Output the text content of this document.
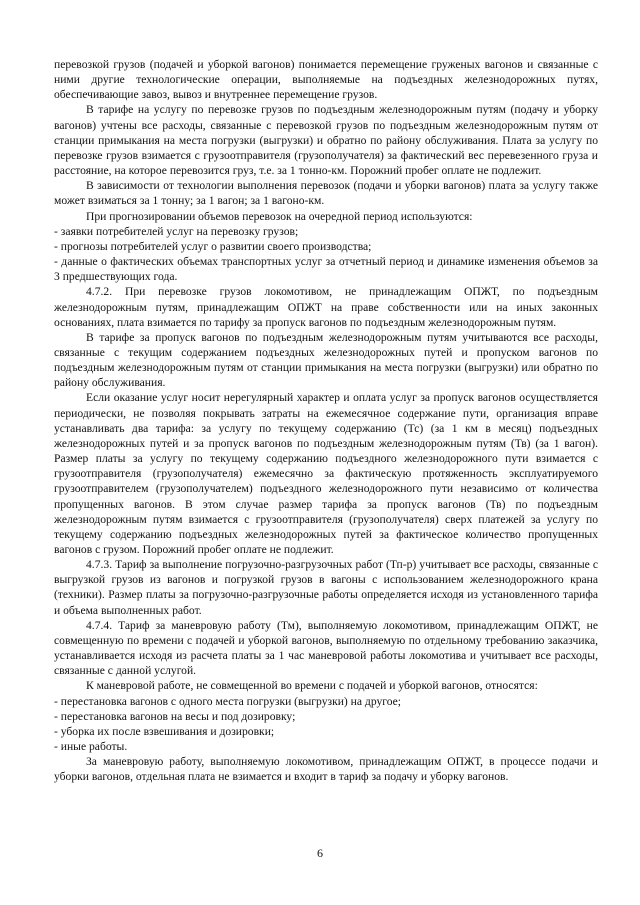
перевозкой грузов (подачей и уборкой вагонов) понимается перемещение груженых вагонов и связанные с ними другие технологические операции, выполняемые на подъездных железнодорожных путях, обеспечивающие завоз, вывоз и внутреннее перемещение грузов.

В тарифе на услугу по перевозке грузов по подъездным железнодорожным путям (подачу и уборку вагонов) учтены все расходы, связанные с перевозкой грузов по подъездным железнодорожным путям от станции примыкания на места погрузки (выгрузки) и обратно по району обслуживания. Плата за услугу по перевозке грузов взимается с грузоотправителя (грузополучателя) за фактический вес перевезенного груза и расстояние, на которое перевозится груз, т.е. за 1 тонно-км. Порожний пробег оплате не подлежит.

В зависимости от технологии выполнения перевозок (подачи и уборки вагонов) плата за услугу также может взиматься за 1 тонну; за 1 вагон; за 1 вагоно-км.

При прогнозировании объемов перевозок на очередной период используются:

- заявки потребителей услуг на перевозку грузов;

- прогнозы потребителей услуг о развитии своего производства;

- данные о фактических объемах транспортных услуг за отчетный период и динамике изменения объемов за 3 предшествующих года.

4.7.2. При перевозке грузов локомотивом, не принадлежащим ОПЖТ, по подъездным железнодорожным путям, принадлежащим ОПЖТ на праве собственности или на иных законных основаниях, плата взимается по тарифу за пропуск вагонов по подъездным железнодорожным путям.

В тарифе за пропуск вагонов по подъездным железнодорожным путям учитываются все расходы, связанные с текущим содержанием подъездных железнодорожных путей и пропуском вагонов по подъездным железнодорожным путям от станции примыкания на места погрузки (выгрузки) или обратно по району обслуживания.

Если оказание услуг носит нерегулярный характер и оплата услуг за пропуск вагонов осуществляется периодически, не позволяя покрывать затраты на ежемесячное содержание пути, организация вправе устанавливать два тарифа: за услугу по текущему содержанию (Тс) (за 1 км в месяц) подъездных железнодорожных путей и за пропуск вагонов по подъездным железнодорожным путям (Тв) (за 1 вагон). Размер платы за услугу по текущему содержанию подъездного железнодорожного пути взимается с грузоотправителя (грузополучателя) ежемесячно за фактическую протяженность эксплуатируемого грузоотправителем (грузополучателем) подъездного железнодорожного пути независимо от количества пропущенных вагонов. В этом случае размер тарифа за пропуск вагонов (Тв) по подъездным железнодорожным путям взимается с грузоотправителя (грузополучателя) сверх платежей за услугу по текущему содержанию подъездных железнодорожных путей за фактическое количество пропущенных вагонов с грузом. Порожний пробег оплате не подлежит.

4.7.3. Тариф за выполнение погрузочно-разгрузочных работ (Тп-р) учитывает все расходы, связанные с выгрузкой грузов из вагонов и погрузкой грузов в вагоны с использованием железнодорожного крана (техники). Размер платы за погрузочно-разгрузочные работы определяется исходя из установленного тарифа и объема выполненных работ.

4.7.4. Тариф за маневровую работу (Тм), выполняемую локомотивом, принадлежащим ОПЖТ, не совмещенную по времени с подачей и уборкой вагонов, выполняемую по отдельному требованию заказчика, устанавливается исходя из расчета платы за 1 час маневровой работы локомотива и учитывает все расходы, связанные с данной услугой.

К маневровой работе, не совмещенной во времени с подачей и уборкой вагонов, относятся:

- перестановка вагонов с одного места погрузки (выгрузки) на другое;

- перестановка вагонов на весы и под дозировку;

- уборка их после взвешивания и дозировки;

- иные работы.

За маневровую работу, выполняемую локомотивом, принадлежащим ОПЖТ, в процессе подачи и уборки вагонов, отдельная плата не взимается и входит в тариф за подачу и уборку вагонов.

6
